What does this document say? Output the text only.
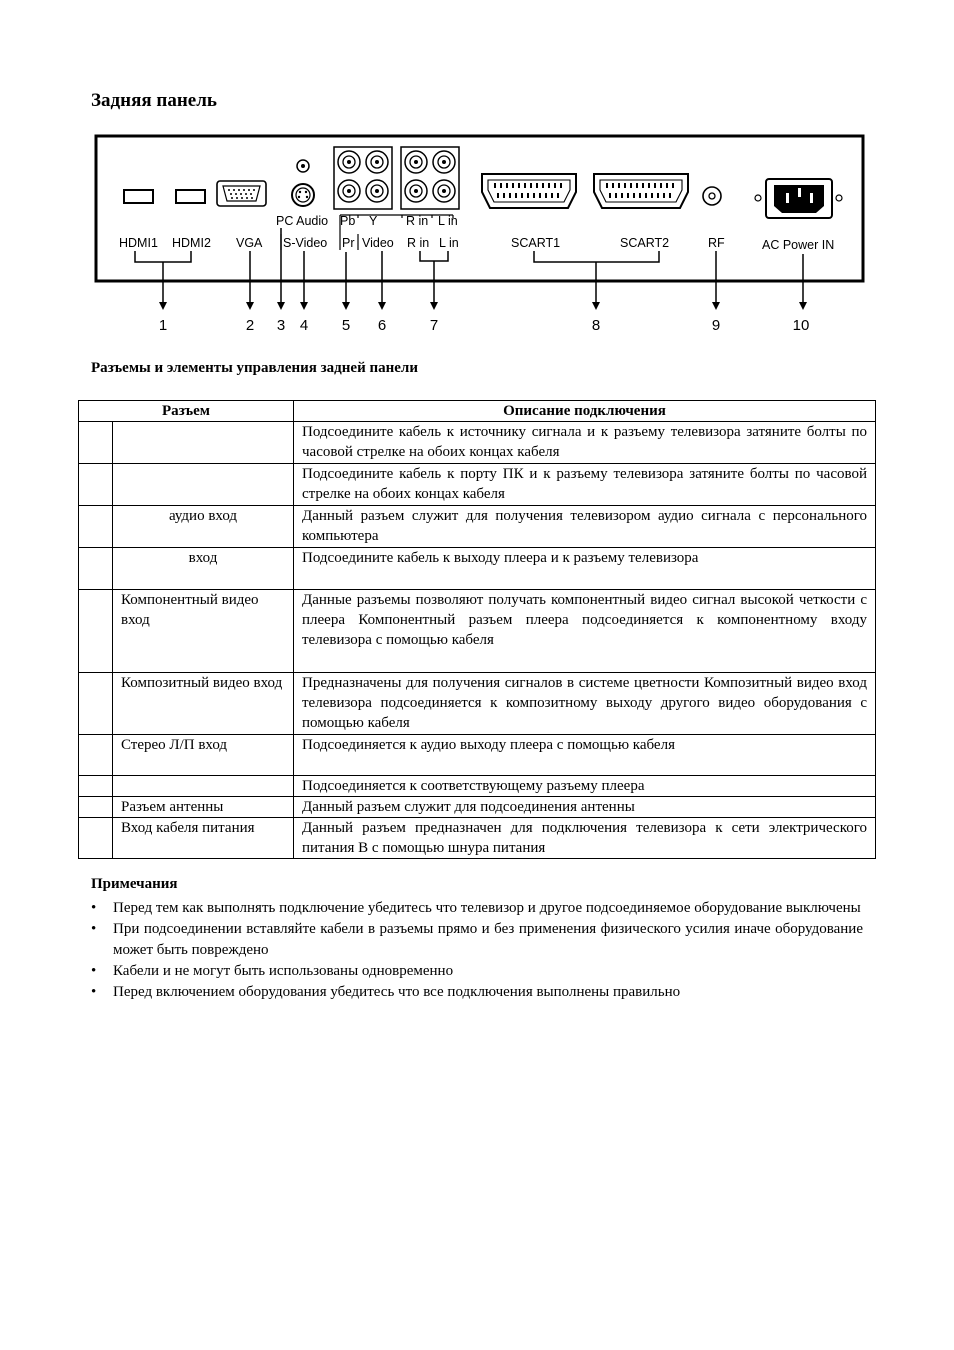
Задняя панель
HDMI1 HDMI2 VGA
PC Audio
S-Video
Pb Y R in L in
Pr Video R in L in	SCART1	SCART2	RF	AC Power IN
1	2 3 4 5 6	7	8	9	10
Разъемы и элементы управления задней панели
Разъем		Описание подключения
		Подсоедините кабель к источнику сигнала и к разъему телевизора затяните болты по часовой стрелке на обоих концах кабеля
		Подсоедините кабель к порту ПК и к разъему телевизора затяните болты по часовой стрелке на обоих концах кабеля
	аудио вход	Данный разъем служит для получения телевизором аудио сигнала с персонального компьютера
	вход	Подсоедините кабель к выходу плеера и к разъему телевизора
	Компонентный видео вход	Данные разъемы позволяют получать компонентный видео сигнал высокой четкости с плеера Компонентный разъем плеера подсоединяется к компонентному входу телевизора с помощью кабеля
	Композитный видео вход	Предназначены для получения сигналов в системе цветности Композитный видео вход телевизора подсоединяется к композитному выходу другого видео оборудования с помощью кабеля
	Стерео Л/П вход	Подсоединяется к аудио выходу плеера с помощью кабеля
		Подсоединяется к соответствующему разъему плеера
	Разъем антенны	Данный разъем служит для подсоединения антенны
	Вход кабеля питания	Данный разъем предназначен для подключения телевизора к сети электрического питания В с помощью шнура питания
Примечания
• Перед тем как выполнять подключение убедитесь что телевизор и другое подсоединяемое оборудование выключены
• При подсоединении вставляйте кабели в разъемы прямо и без применения физического усилия иначе оборудование может быть повреждено
• Кабели и не могут быть использованы одновременно
• Перед включением оборудования убедитесь что все подключения выполнены правильно
